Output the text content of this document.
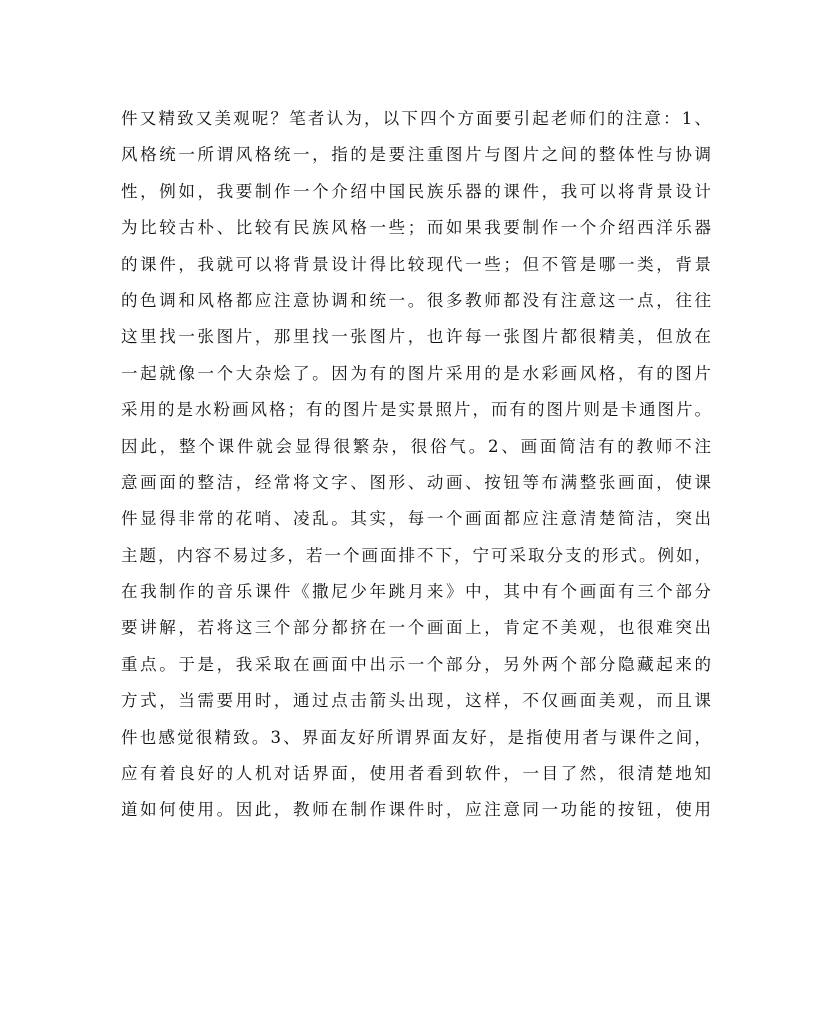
件又精致又美观呢？笔者认为，以下四个方面要引起老师们的注意：1、
风格统一所谓风格统一，指的是要注重图片与图片之间的整体性与协调
性，例如，我要制作一个介绍中国民族乐器的课件，我可以将背景设计
为比较古朴、比较有民族风格一些；而如果我要制作一个介绍西洋乐器
的课件，我就可以将背景设计得比较现代一些；但不管是哪一类，背景
的色调和风格都应注意协调和统一。很多教师都没有注意这一点，往往
这里找一张图片，那里找一张图片，也许每一张图片都很精美，但放在
一起就像一个大杂烩了。因为有的图片采用的是水彩画风格，有的图片
采用的是水粉画风格；有的图片是实景照片，而有的图片则是卡通图片。
因此，整个课件就会显得很繁杂，很俗气。2、画面简洁有的教师不注
意画面的整洁，经常将文字、图形、动画、按钮等布满整张画面，使课
件显得非常的花哨、凌乱。其实，每一个画面都应注意清楚简洁，突出
主题，内容不易过多，若一个画面排不下，宁可采取分支的形式。例如，
在我制作的音乐课件《撒尼少年跳月来》中，其中有个画面有三个部分
要讲解，若将这三个部分都挤在一个画面上，肯定不美观，也很难突出
重点。于是，我采取在画面中出示一个部分，另外两个部分隐藏起来的
方式，当需要用时，通过点击箭头出现，这样，不仅画面美观，而且课
件也感觉很精致。3、界面友好所谓界面友好，是指使用者与课件之间，
应有着良好的人机对话界面，使用者看到软件，一目了然，很清楚地知
道如何使用。因此，教师在制作课件时，应注意同一功能的按钮，使用
